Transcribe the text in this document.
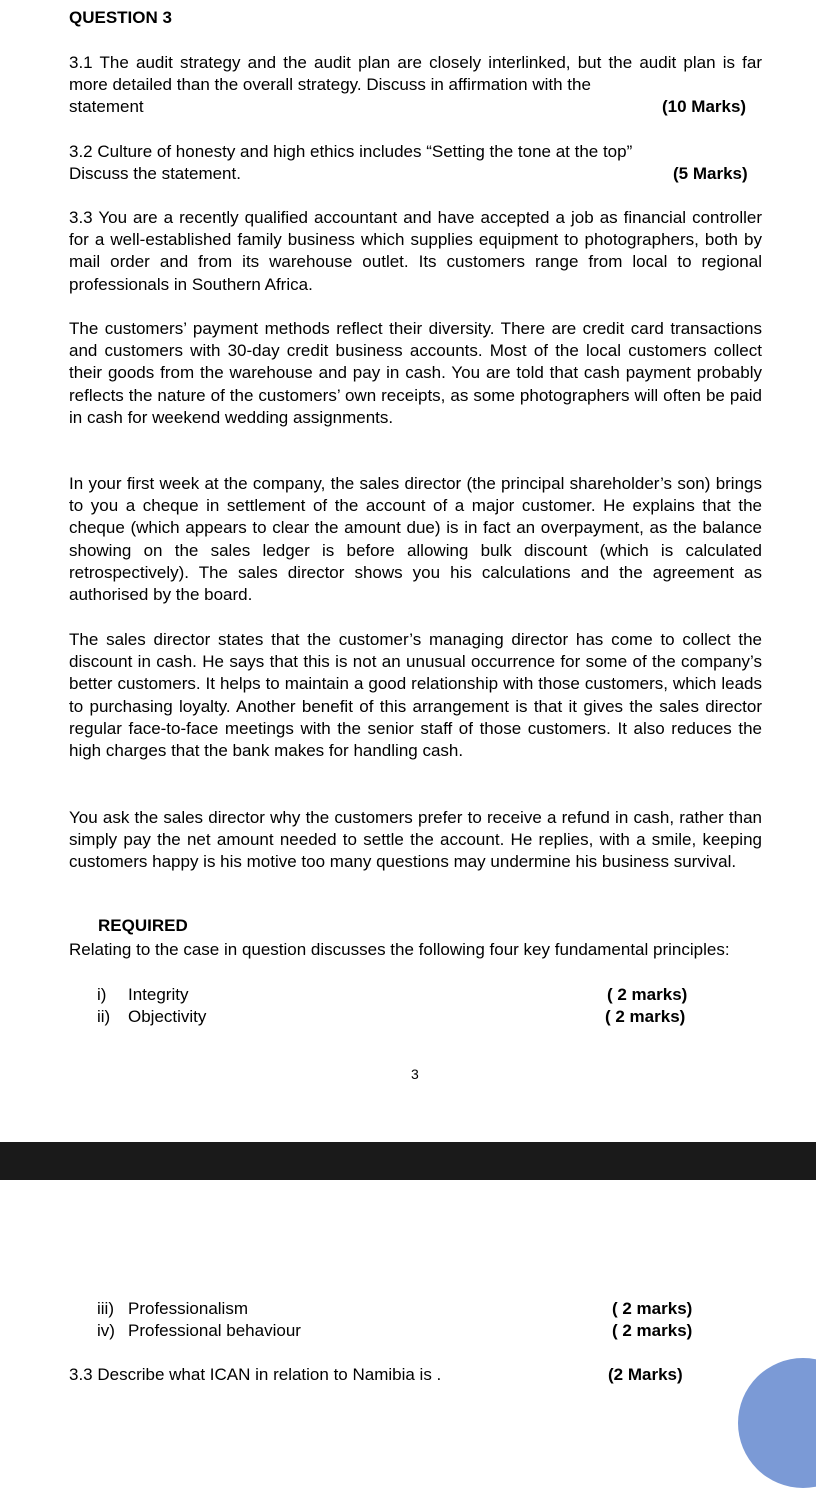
QUESTION 3

3.1 The audit strategy and the audit plan are closely interlinked, but the audit plan is far more detailed than the overall strategy. Discuss in affirmation with the

statement	(10 Marks)
3.2 Culture of honesty and high ethics includes “Setting the tone at the top”
Discuss the statement.	(5 Marks)

3.3 You are a recently qualified accountant and have accepted a job as financial controller for a well-established family business which supplies equipment to photographers, both by mail order and from its warehouse outlet. Its customers range from local to regional professionals in Southern Africa.

The customers’ payment methods reflect their diversity. There are credit card transactions and customers with 30-day credit business accounts. Most of the local customers collect their goods from the warehouse and pay in cash. You are told that cash payment probably reflects the nature of the customers’ own receipts, as some photographers will often be paid in cash for weekend wedding assignments.

In your first week at the company, the sales director (the principal shareholder’s son) brings to you a cheque in settlement of the account of a major customer. He explains that the cheque (which appears to clear the amount due) is in fact an overpayment, as the balance showing on the sales ledger is before allowing bulk discount (which is calculated retrospectively). The sales director shows you his calculations and the agreement as authorised by the board.

The sales director states that the customer’s managing director has come to collect the discount in cash. He says that this is not an unusual occurrence for some of the company’s better customers. It helps to maintain a good relationship with those customers, which leads to purchasing loyalty. Another benefit of this arrangement is that it gives the sales director regular face-to-face meetings with the senior staff of those customers. It also reduces the high charges that the bank makes for handling cash.

You ask the sales director why the customers prefer to receive a refund in cash, rather than simply pay the net amount needed to settle the account. He replies, with a smile, keeping customers happy is his motive too many questions may undermine his business survival.

REQUIRED

Relating to the case in question discusses the following four key fundamental principles:

i) Integrity	( 2 marks)
ii) Objectivity	( 2 marks)
3
iii) Professionalism	( 2 marks)
iv) Professional behaviour	( 2 marks)
3.3 Describe what ICAN in relation to Namibia is .	(2 Marks)
